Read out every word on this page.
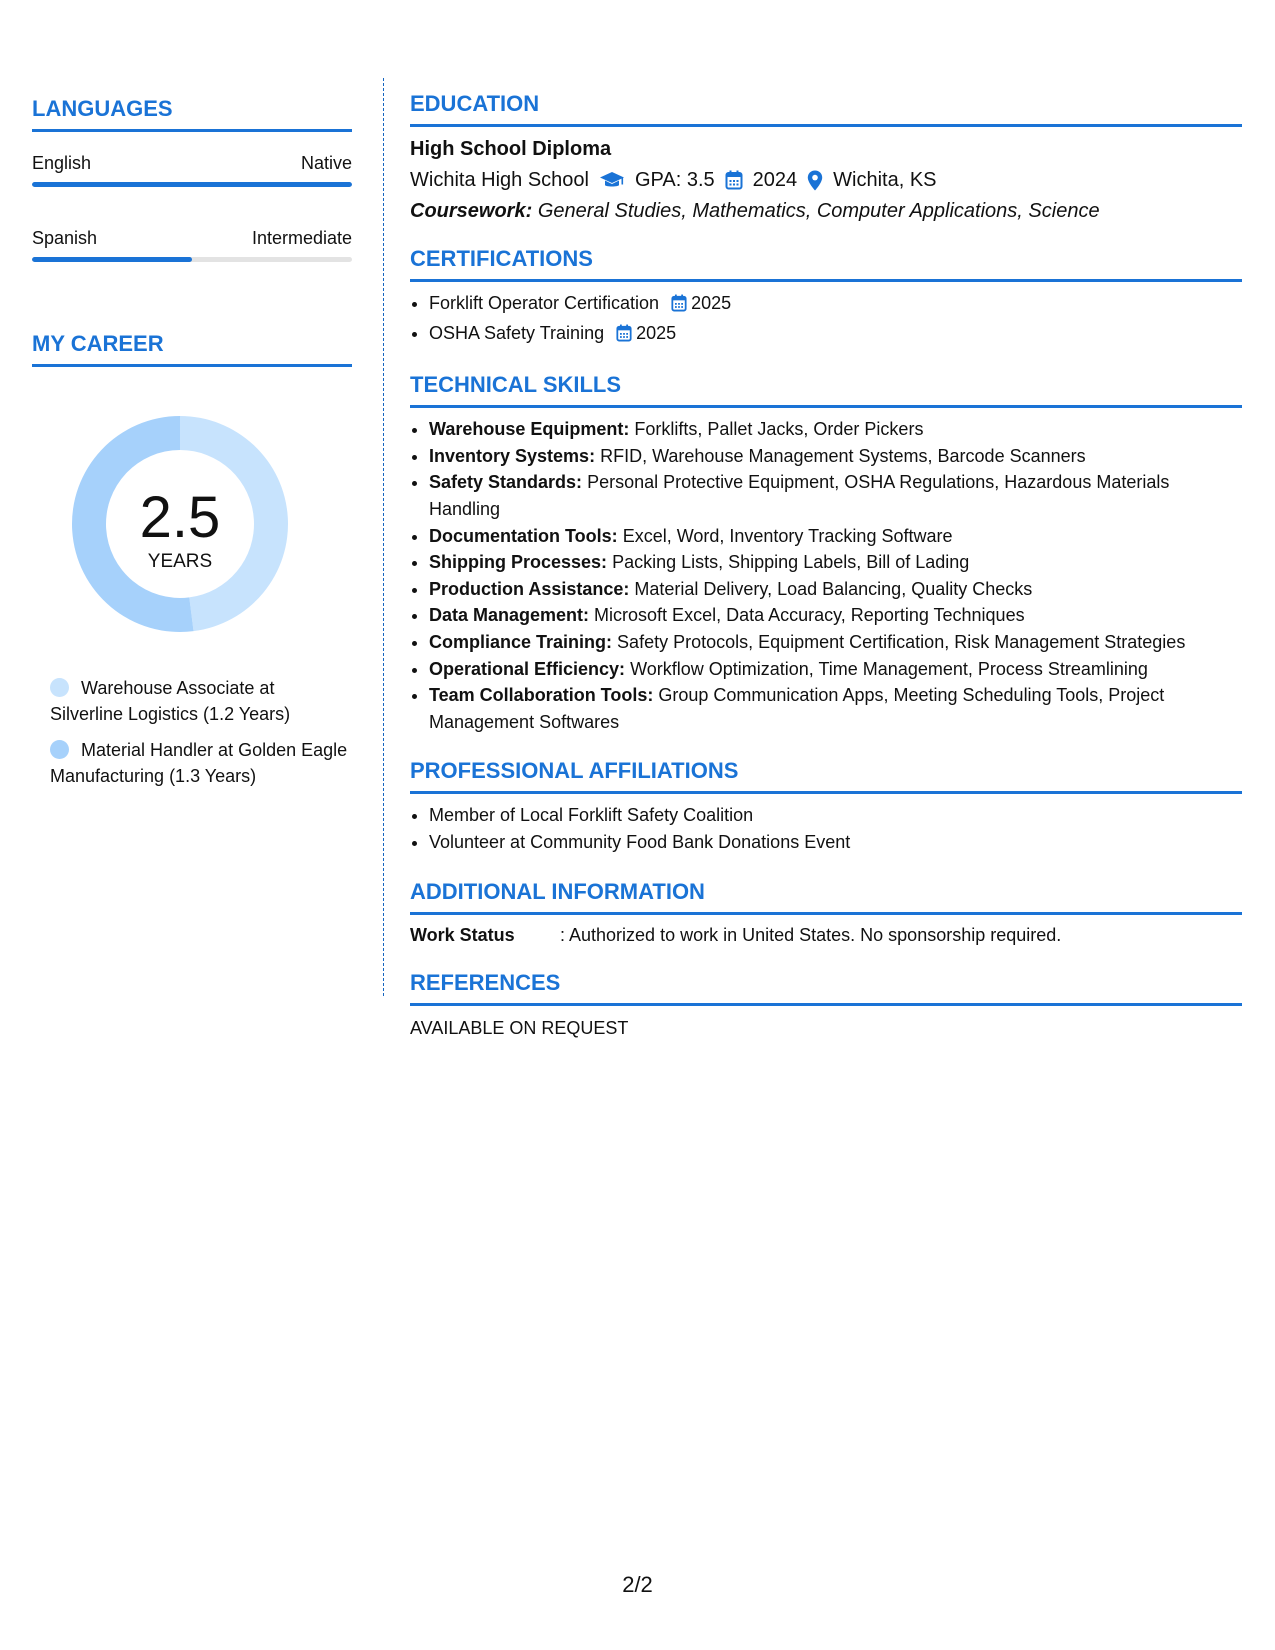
LANGUAGES
English	Native
Spanish	Intermediate
MY CAREER
2.5
YEARS
Warehouse Associate at Silverline Logistics (1.2 Years)
Material Handler at Golden Eagle Manufacturing (1.3 Years)
EDUCATION
High School Diploma
Wichita High School GPA: 3.5 2024 Wichita, KS
Coursework: General Studies, Mathematics, Computer Applications, Science
CERTIFICATIONS
• Forklift Operator Certification 2025
• OSHA Safety Training 2025
TECHNICAL SKILLS
• Warehouse Equipment: Forklifts, Pallet Jacks, Order Pickers
• Inventory Systems: RFID, Warehouse Management Systems, Barcode Scanners
• Safety Standards: Personal Protective Equipment, OSHA Regulations, Hazardous Materials Handling
• Documentation Tools: Excel, Word, Inventory Tracking Software
• Shipping Processes: Packing Lists, Shipping Labels, Bill of Lading
• Production Assistance: Material Delivery, Load Balancing, Quality Checks
• Data Management: Microsoft Excel, Data Accuracy, Reporting Techniques
• Compliance Training: Safety Protocols, Equipment Certification, Risk Management Strategies
• Operational Efficiency: Workflow Optimization, Time Management, Process Streamlining
• Team Collaboration Tools: Group Communication Apps, Meeting Scheduling Tools, Project Management Softwares
PROFESSIONAL AFFILIATIONS
• Member of Local Forklift Safety Coalition
• Volunteer at Community Food Bank Donations Event
ADDITIONAL INFORMATION
Work Status	: Authorized to work in United States. No sponsorship required.
REFERENCES
AVAILABLE ON REQUEST
2/2
